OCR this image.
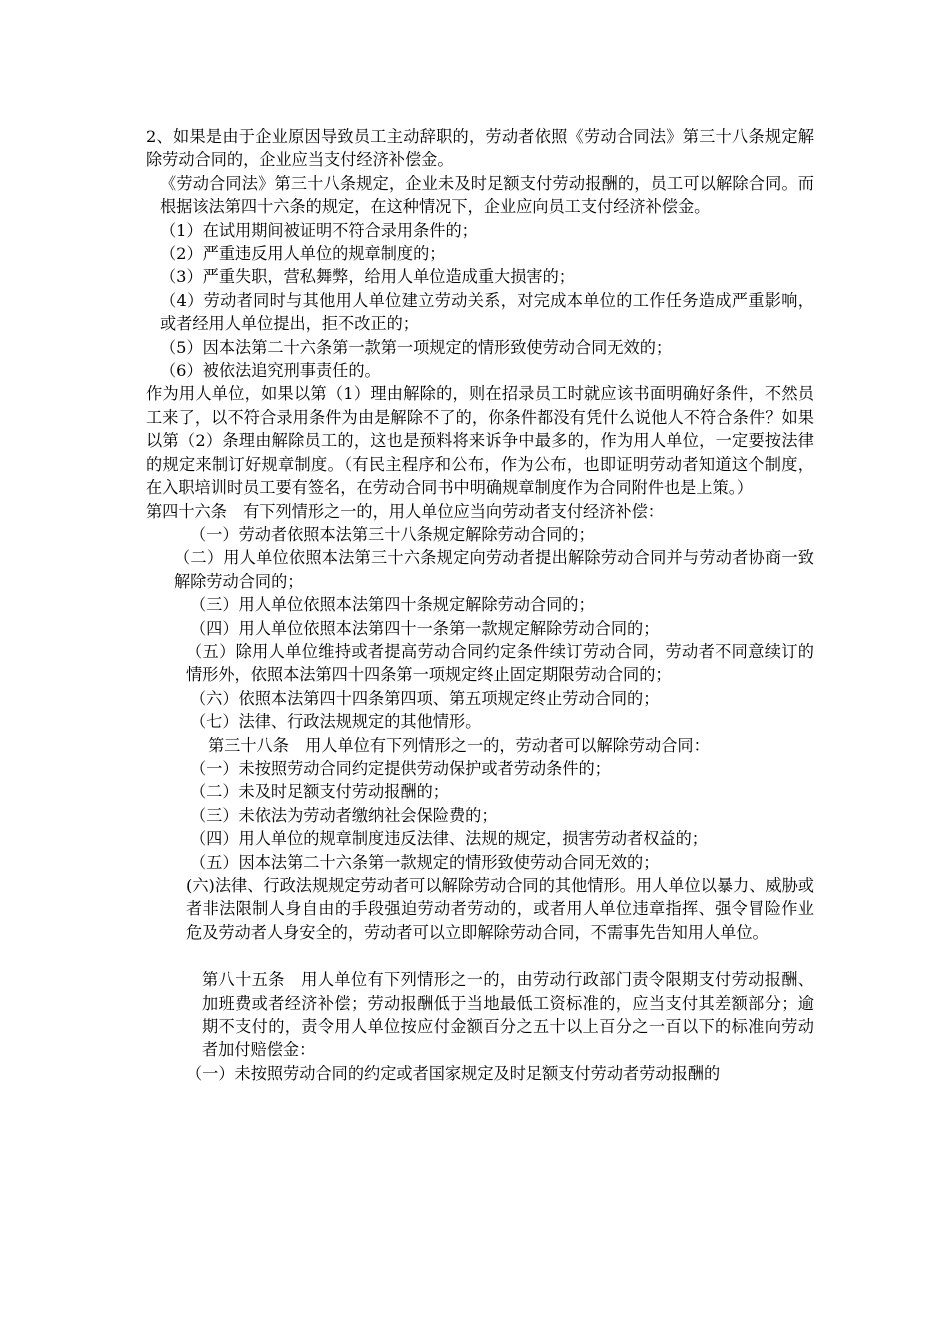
2、如果是由于企业原因导致员工主动辞职的，劳动者依照《劳动合同法》第三十八条规定解除劳动合同的，企业应当支付经济补偿金。

《劳动合同法》第三十八条规定，企业未及时足额支付劳动报酬的，员工可以解除合同。而根据该法第四十六条的规定，在这种情况下，企业应向员工支付经济补偿金。

（1）在试用期间被证明不符合录用条件的；

（2）严重违反用人单位的规章制度的；

（3）严重失职，营私舞弊，给用人单位造成重大损害的；

（4）劳动者同时与其他用人单位建立劳动关系，对完成本单位的工作任务造成严重影响，或者经用人单位提出，拒不改正的；

（5）因本法第二十六条第一款第一项规定的情形致使劳动合同无效的；

（6）被依法追究刑事责任的。

作为用人单位，如果以第（1）理由解除的，则在招录员工时就应该书面明确好条件，不然员工来了，以不符合录用条件为由是解除不了的，你条件都没有凭什么说他人不符合条件？如果以第（2）条理由解除员工的，这也是预料将来诉争中最多的，作为用人单位，一定要按法律的规定来制订好规章制度。（有民主程序和公布，作为公布，也即证明劳动者知道这个制度，在入职培训时员工要有签名，在劳动合同书中明确规章制度作为合同附件也是上策。）

第四十六条　有下列情形之一的，用人单位应当向劳动者支付经济补偿：

（一）劳动者依照本法第三十八条规定解除劳动合同的；

（二）用人单位依照本法第三十六条规定向劳动者提出解除劳动合同并与劳动者协商一致解除劳动合同的；

（三）用人单位依照本法第四十条规定解除劳动合同的；

（四）用人单位依照本法第四十一条第一款规定解除劳动合同的；

（五）除用人单位维持或者提高劳动合同约定条件续订劳动合同，劳动者不同意续订的情形外，依照本法第四十四条第一项规定终止固定期限劳动合同的；

（六）依照本法第四十四条第四项、第五项规定终止劳动合同的；

（七）法律、行政法规规定的其他情形。

第三十八条　用人单位有下列情形之一的，劳动者可以解除劳动合同：

（一）未按照劳动合同约定提供劳动保护或者劳动条件的；

（二）未及时足额支付劳动报酬的；

（三）未依法为劳动者缴纳社会保险费的；

（四）用人单位的规章制度违反法律、法规的规定，损害劳动者权益的；

（五）因本法第二十六条第一款规定的情形致使劳动合同无效的；

(六)法律、行政法规规定劳动者可以解除劳动合同的其他情形。用人单位以暴力、威胁或者非法限制人身自由的手段强迫劳动者劳动的，或者用人单位违章指挥、强令冒险作业危及劳动者人身安全的，劳动者可以立即解除劳动合同，不需事先告知用人单位。

第八十五条　用人单位有下列情形之一的，由劳动行政部门责令限期支付劳动报酬、加班费或者经济补偿；劳动报酬低于当地最低工资标准的，应当支付其差额部分；逾期不支付的，责令用人单位按应付金额百分之五十以上百分之一百以下的标准向劳动者加付赔偿金：

（一）未按照劳动合同的约定或者国家规定及时足额支付劳动者劳动报酬的
